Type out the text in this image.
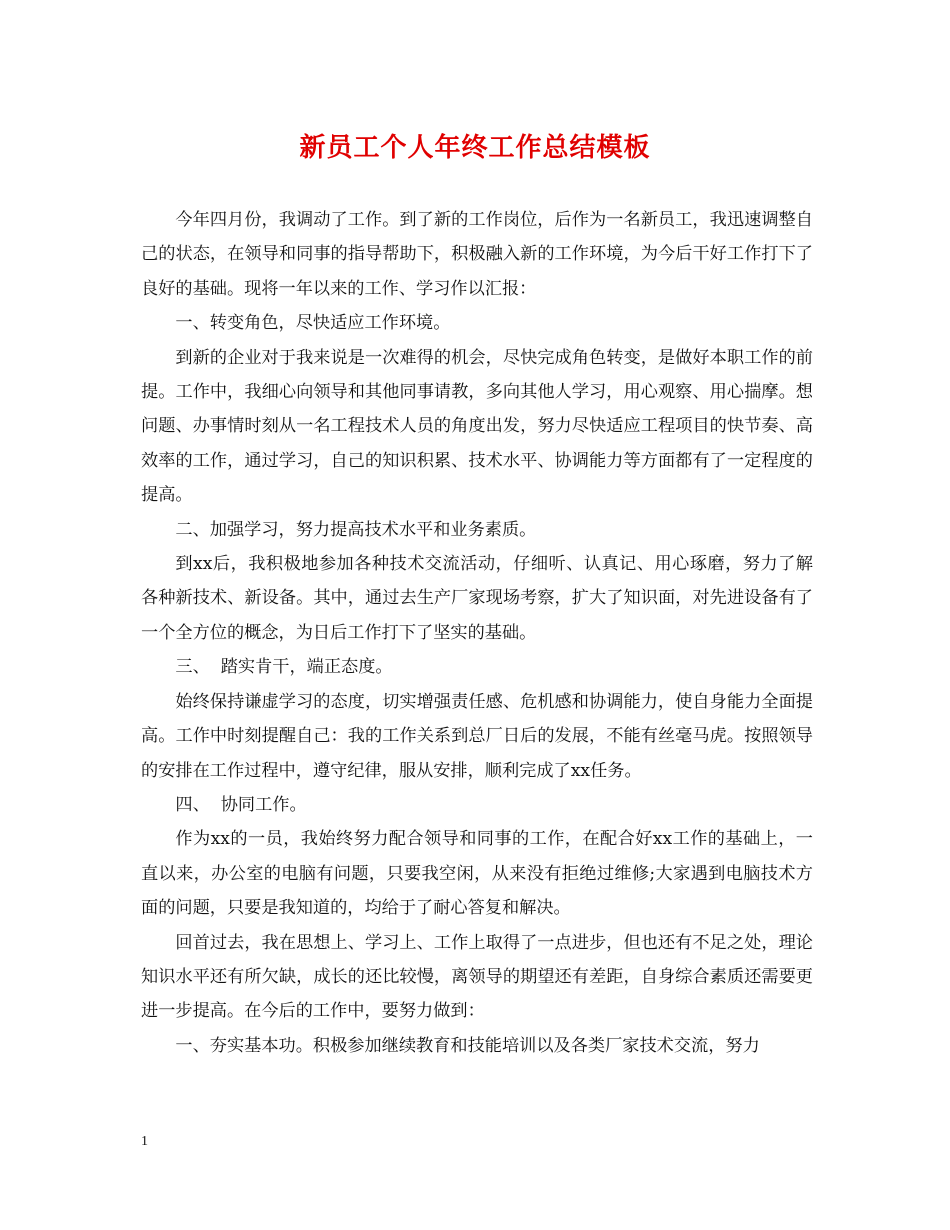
新员工个人年终工作总结模板

今年四月份，我调动了工作。到了新的工作岗位，后作为一名新员工，我迅速调整自己的状态，在领导和同事的指导帮助下，积极融入新的工作环境，为今后干好工作打下了良好的基础。现将一年以来的工作、学习作以汇报：

一、转变角色，尽快适应工作环境。

到新的企业对于我来说是一次难得的机会，尽快完成角色转变，是做好本职工作的前提。工作中，我细心向领导和其他同事请教，多向其他人学习，用心观察、用心揣摩。想问题、办事情时刻从一名工程技术人员的角度出发，努力尽快适应工程项目的快节奏、高效率的工作，通过学习，自己的知识积累、技术水平、协调能力等方面都有了一定程度的提高。

二、加强学习，努力提高技术水平和业务素质。

到xx后，我积极地参加各种技术交流活动，仔细听、认真记、用心琢磨，努力了解各种新技术、新设备。其中，通过去生产厂家现场考察，扩大了知识面，对先进设备有了一个全方位的概念，为日后工作打下了坚实的基础。

三、  踏实肯干，端正态度。

始终保持谦虚学习的态度，切实增强责任感、危机感和协调能力，使自身能力全面提高。工作中时刻提醒自己：我的工作关系到总厂日后的发展，不能有丝毫马虎。按照领导的安排在工作过程中，遵守纪律，服从安排，顺利完成了xx任务。

四、  协同工作。

作为xx的一员，我始终努力配合领导和同事的工作，在配合好xx工作的基础上，一直以来，办公室的电脑有问题，只要我空闲，从来没有拒绝过维修;大家遇到电脑技术方面的问题，只要是我知道的，均给于了耐心答复和解决。

回首过去，我在思想上、学习上、工作上取得了一点进步，但也还有不足之处，理论知识水平还有所欠缺，成长的还比较慢，离领导的期望还有差距，自身综合素质还需要更进一步提高。在今后的工作中，要努力做到：

一、夯实基本功。积极参加继续教育和技能培训以及各类厂家技术交流，努力

1
